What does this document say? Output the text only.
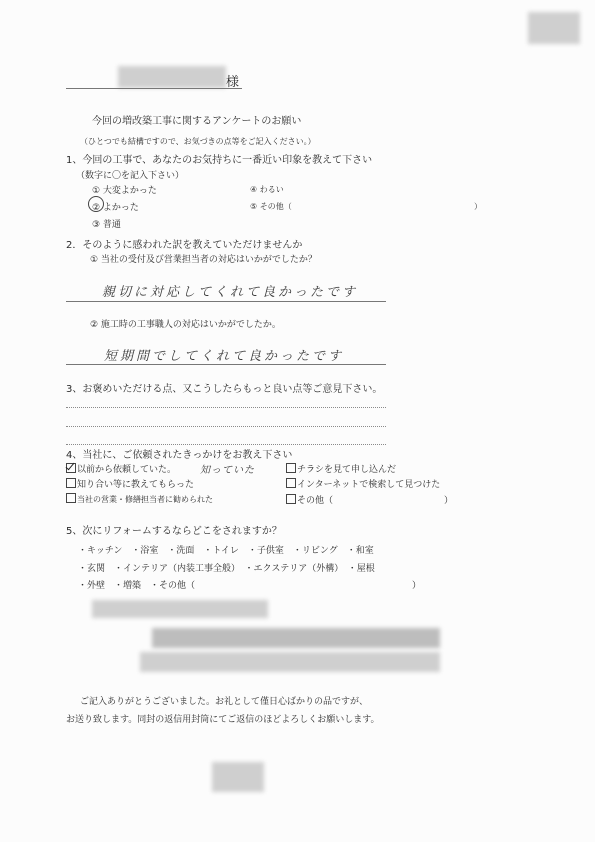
様
今回の増改築工事に関するアンケートのお願い
（ひとつでも結構ですので、お気づきの点等をご記入ください。）
1、今回の工事で、あなたのお気持ちに一番近い印象を教えて下さい
（数字に〇を記入下さい）
① 大変よかった
② よかった
③ 普通
④ わるい
⑤ その他（	）
2．そのように感われた訳を教えていただけませんか
① 当社の受付及び営業担当者の対応はいかがでしたか？
親切に対応してくれて良かったです
② 施工時の工事職人の対応はいかがでしたか。
短期間でしてくれて良かったです
3、お褒めいただける点、又こうしたらもっと良い点等ご意見下さい。
4、当社に、ご依頼されたきっかけをお教え下さい
以前から依頼していた。 知っていた	チラシを見て申し込んだ
知り合い等に教えてもらった	インターネットで検索して見つけた
当社の営業・修繕担当者に勧められた	その他（	）
5、次にリフォームするならどこをされますか？
・キッチン　・浴室　・洗面　・トイレ　・子供室　・リビング　・和室
・玄関　・インテリア（内装工事全般）　・エクステリア（外構）　・屋根
・外壁　・増築　・その他（	）
ご記入ありがとうございました。お礼として僅日心ばかりの品ですが、
お送り致します。同封の返信用封筒にてご返信のほどよろしくお願いします。
